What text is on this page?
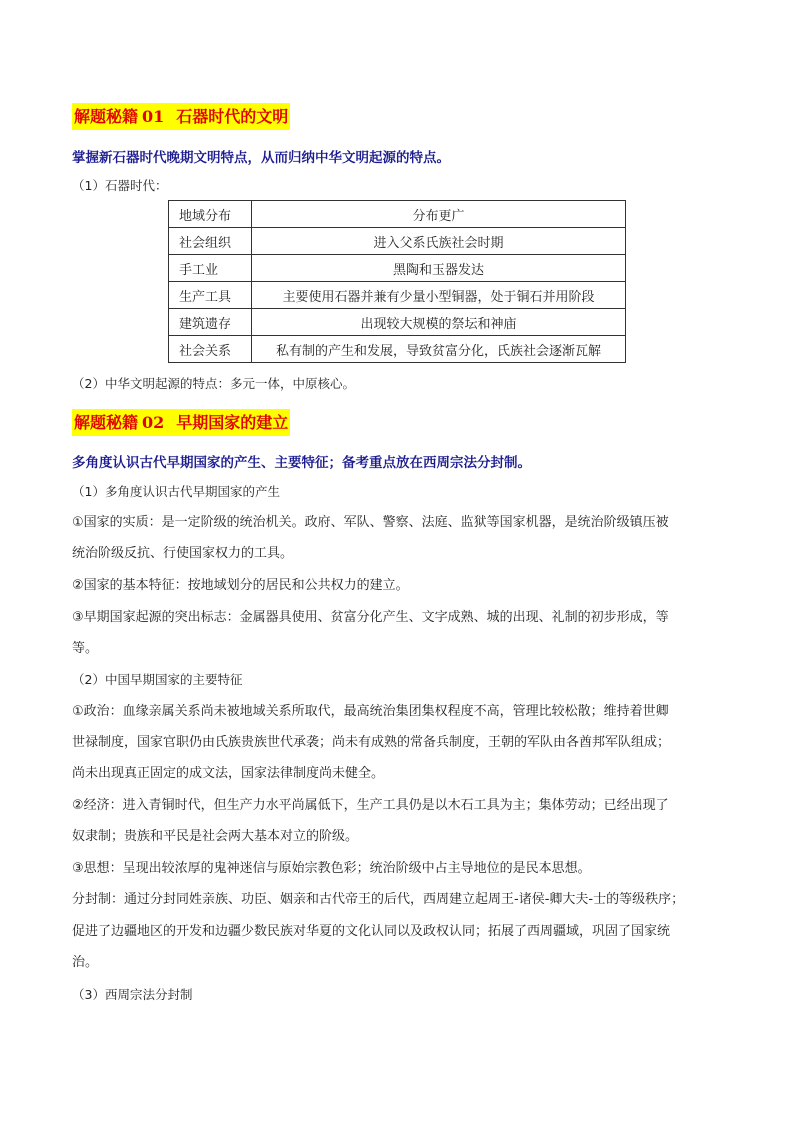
解题秘籍 01 石器时代的文明
掌握新石器时代晚期文明特点，从而归纳中华文明起源的特点。
（1）石器时代：
地域分布	分布更广
社会组织	进入父系氏族社会时期
手工业	黑陶和玉器发达
生产工具	主要使用石器并兼有少量小型铜器，处于铜石并用阶段
建筑遗存	出现较大规模的祭坛和神庙
社会关系	私有制的产生和发展，导致贫富分化，氏族社会逐渐瓦解
（2）中华文明起源的特点：多元一体，中原核心。
解题秘籍 02 早期国家的建立
多角度认识古代早期国家的产生、主要特征；备考重点放在西周宗法分封制。
（1）多角度认识古代早期国家的产生
①国家的实质：是一定阶级的统治机关。政府、军队、警察、法庭、监狱等国家机器，是统治阶级镇压被
统治阶级反抗、行使国家权力的工具。
②国家的基本特征：按地域划分的居民和公共权力的建立。
③早期国家起源的突出标志：金属器具使用、贫富分化产生、文字成熟、城的出现、礼制的初步形成，等
等。
（2）中国早期国家的主要特征
①政治：血缘亲属关系尚未被地域关系所取代，最高统治集团集权程度不高，管理比较松散；维持着世卿
世禄制度，国家官职仍由氏族贵族世代承袭；尚未有成熟的常备兵制度，王朝的军队由各酋邦军队组成；
尚未出现真正固定的成文法，国家法律制度尚未健全。
②经济：进入青铜时代，但生产力水平尚属低下，生产工具仍是以木石工具为主；集体劳动；已经出现了
奴隶制；贵族和平民是社会两大基本对立的阶级。
③思想：呈现出较浓厚的鬼神迷信与原始宗教色彩；统治阶级中占主导地位的是民本思想。
分封制：通过分封同姓亲族、功臣、姻亲和古代帝王的后代，西周建立起周王-诸侯-卿大夫-士的等级秩序；
促进了边疆地区的开发和边疆少数民族对华夏的文化认同以及政权认同；拓展了西周疆域，巩固了国家统
治。
（3）西周宗法分封制
